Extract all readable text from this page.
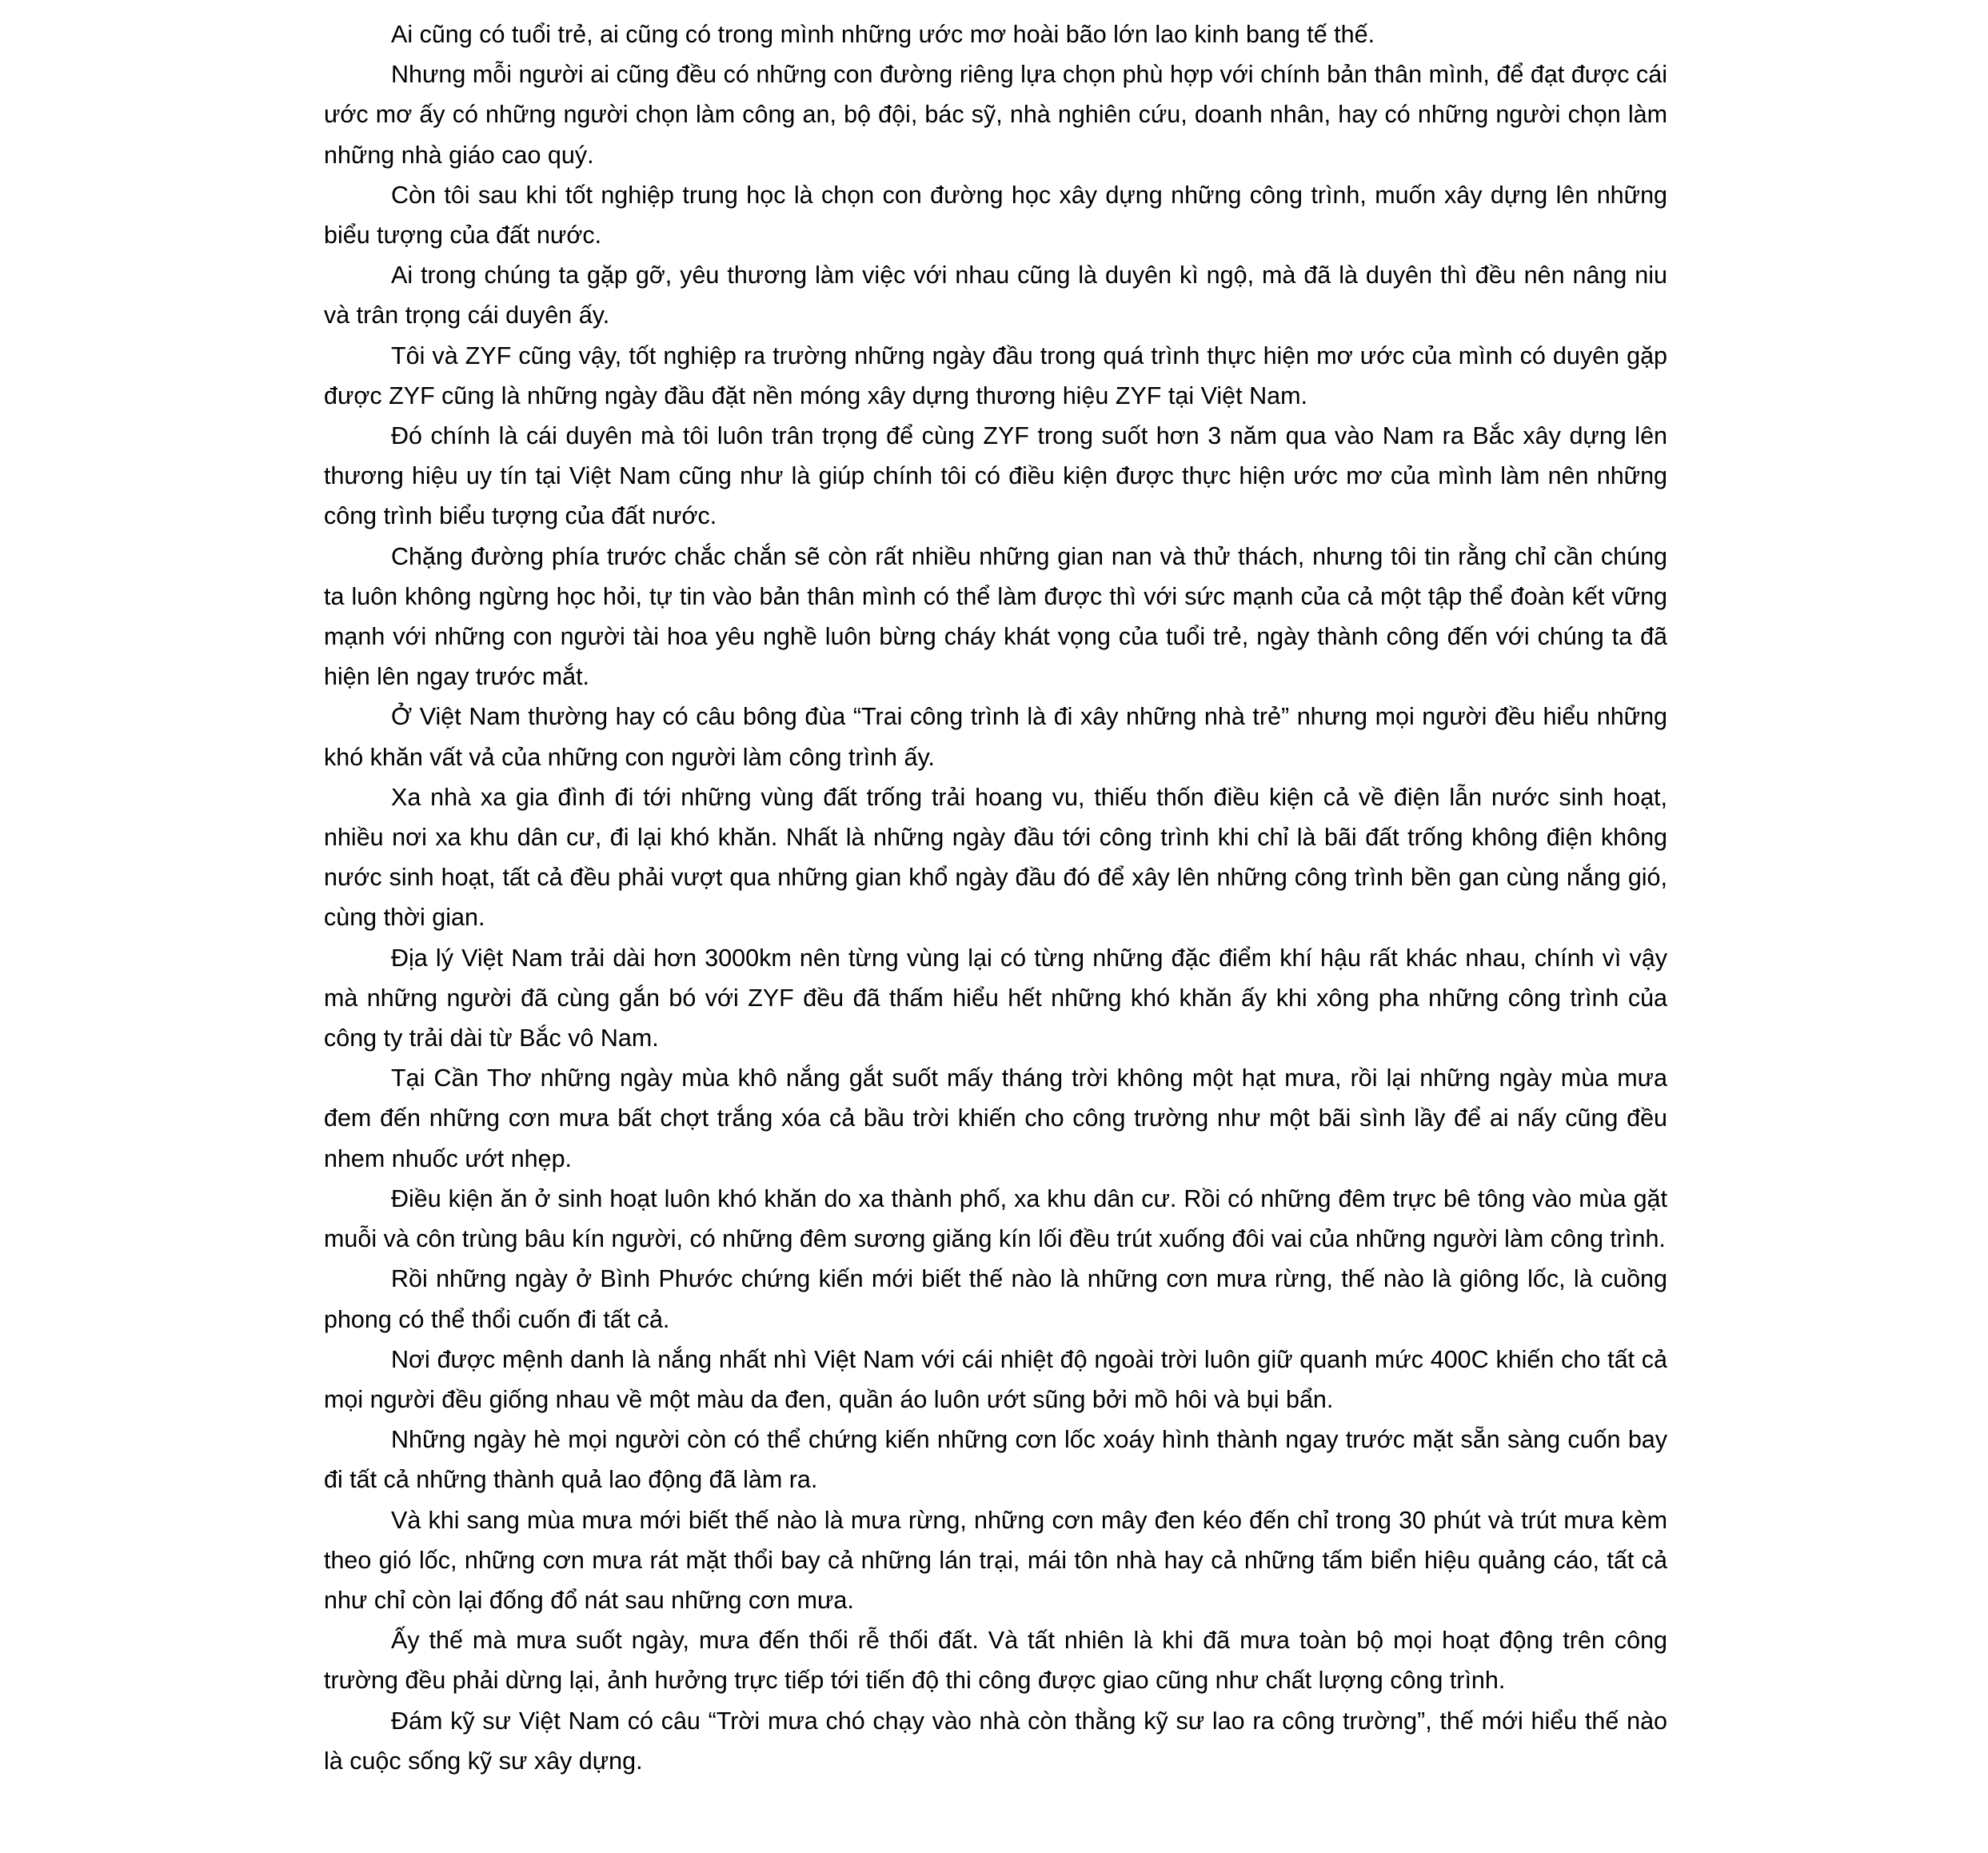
Ai cũng có tuổi trẻ, ai cũng có trong mình những ước mơ hoài bão lớn lao kinh bang tế thế.

Nhưng mỗi người ai cũng đều có những con đường riêng lựa chọn phù hợp với chính bản thân mình, để đạt được cái ước mơ ấy có những người chọn làm công an, bộ đội, bác sỹ, nhà nghiên cứu, doanh nhân, hay có những người chọn làm những nhà giáo cao quý.

Còn tôi sau khi tốt nghiệp trung học là chọn con đường học xây dựng những công trình, muốn xây dựng lên những biểu tượng của đất nước.

Ai trong chúng ta gặp gỡ, yêu thương làm việc với nhau cũng là duyên kì ngộ, mà đã là duyên thì đều nên nâng niu và trân trọng cái duyên ấy.

Tôi và ZYF cũng vậy, tốt nghiệp ra trường những ngày đầu trong quá trình thực hiện mơ ước của mình có duyên gặp được ZYF cũng là những ngày đầu đặt nền móng xây dựng thương hiệu ZYF tại Việt Nam.

Đó chính là cái duyên mà tôi luôn trân trọng để cùng ZYF trong suốt hơn 3 năm qua vào Nam ra Bắc xây dựng lên thương hiệu uy tín tại Việt Nam cũng như là giúp chính tôi có điều kiện được thực hiện ước mơ của mình làm nên những công trình biểu tượng của đất nước.

Chặng đường phía trước chắc chắn sẽ còn rất nhiều những gian nan và thử thách, nhưng tôi tin rằng chỉ cần chúng ta luôn không ngừng học hỏi, tự tin vào bản thân mình có thể làm được thì với sức mạnh của cả một tập thể đoàn kết vững mạnh với những con người tài hoa yêu nghề luôn bừng cháy khát vọng của tuổi trẻ, ngày thành công đến với chúng ta đã hiện lên ngay trước mắt.

Ở Việt Nam thường hay có câu bông đùa “Trai công trình là đi xây những nhà trẻ” nhưng mọi người đều hiểu những khó khăn vất vả của những con người làm công trình ấy.

Xa nhà xa gia đình đi tới những vùng đất trống trải hoang vu, thiếu thốn điều kiện cả về điện lẫn nước sinh hoạt, nhiều nơi xa khu dân cư, đi lại khó khăn. Nhất là những ngày đầu tới công trình khi chỉ là bãi đất trống không điện không nước sinh hoạt, tất cả đều phải vượt qua những gian khổ ngày đầu đó để xây lên những công trình bền gan cùng nắng gió, cùng thời gian.

Địa lý Việt Nam trải dài hơn 3000km nên từng vùng lại có từng những đặc điểm khí hậu rất khác nhau, chính vì vậy mà những người đã cùng gắn bó với ZYF đều đã thấm hiểu hết những khó khăn ấy khi xông pha những công trình của công ty trải dài từ Bắc vô Nam.

Tại Cần Thơ những ngày mùa khô nắng gắt suốt mấy tháng trời không một hạt mưa, rồi lại những ngày mùa mưa đem đến những cơn mưa bất chợt trắng xóa cả bầu trời khiến cho công trường như một bãi sình lầy để ai nấy cũng đều nhem nhuốc ướt nhẹp.

Điều kiện ăn ở sinh hoạt luôn khó khăn do xa thành phố, xa khu dân cư. Rồi có những đêm trực bê tông vào mùa gặt muỗi và côn trùng bâu kín người, có những đêm sương giăng kín lối đều trút xuống đôi vai của những người làm công trình.

Rồi những ngày ở Bình Phước chứng kiến mới biết thế nào là những cơn mưa rừng, thế nào là giông lốc, là cuồng phong có thể thổi cuốn đi tất cả.

Nơi được mệnh danh là nắng nhất nhì Việt Nam với cái nhiệt độ ngoài trời luôn giữ quanh mức 400C khiến cho tất cả mọi người đều giống nhau về một màu da đen, quần áo luôn ướt sũng bởi mồ hôi và bụi bẩn.

Những ngày hè mọi người còn có thể chứng kiến những cơn lốc xoáy hình thành ngay trước mặt sẵn sàng cuốn bay đi tất cả những thành quả lao động đã làm ra.

Và khi sang mùa mưa mới biết thế nào là mưa rừng, những cơn mây đen kéo đến chỉ trong 30 phút và trút mưa kèm theo gió lốc, những cơn mưa rát mặt thổi bay cả những lán trại, mái tôn nhà hay cả những tấm biển hiệu quảng cáo, tất cả như chỉ còn lại đống đổ nát sau những cơn mưa.

Ấy thế mà mưa suốt ngày, mưa đến thối rễ thối đất. Và tất nhiên là khi đã mưa toàn bộ mọi hoạt động trên công trường đều phải dừng lại, ảnh hưởng trực tiếp tới tiến độ thi công được giao cũng như chất lượng công trình.

Đám kỹ sư Việt Nam có câu “Trời mưa chó chạy vào nhà còn thằng kỹ sư lao ra công trường”, thế mới hiểu thế nào là cuộc sống kỹ sư xây dựng.
